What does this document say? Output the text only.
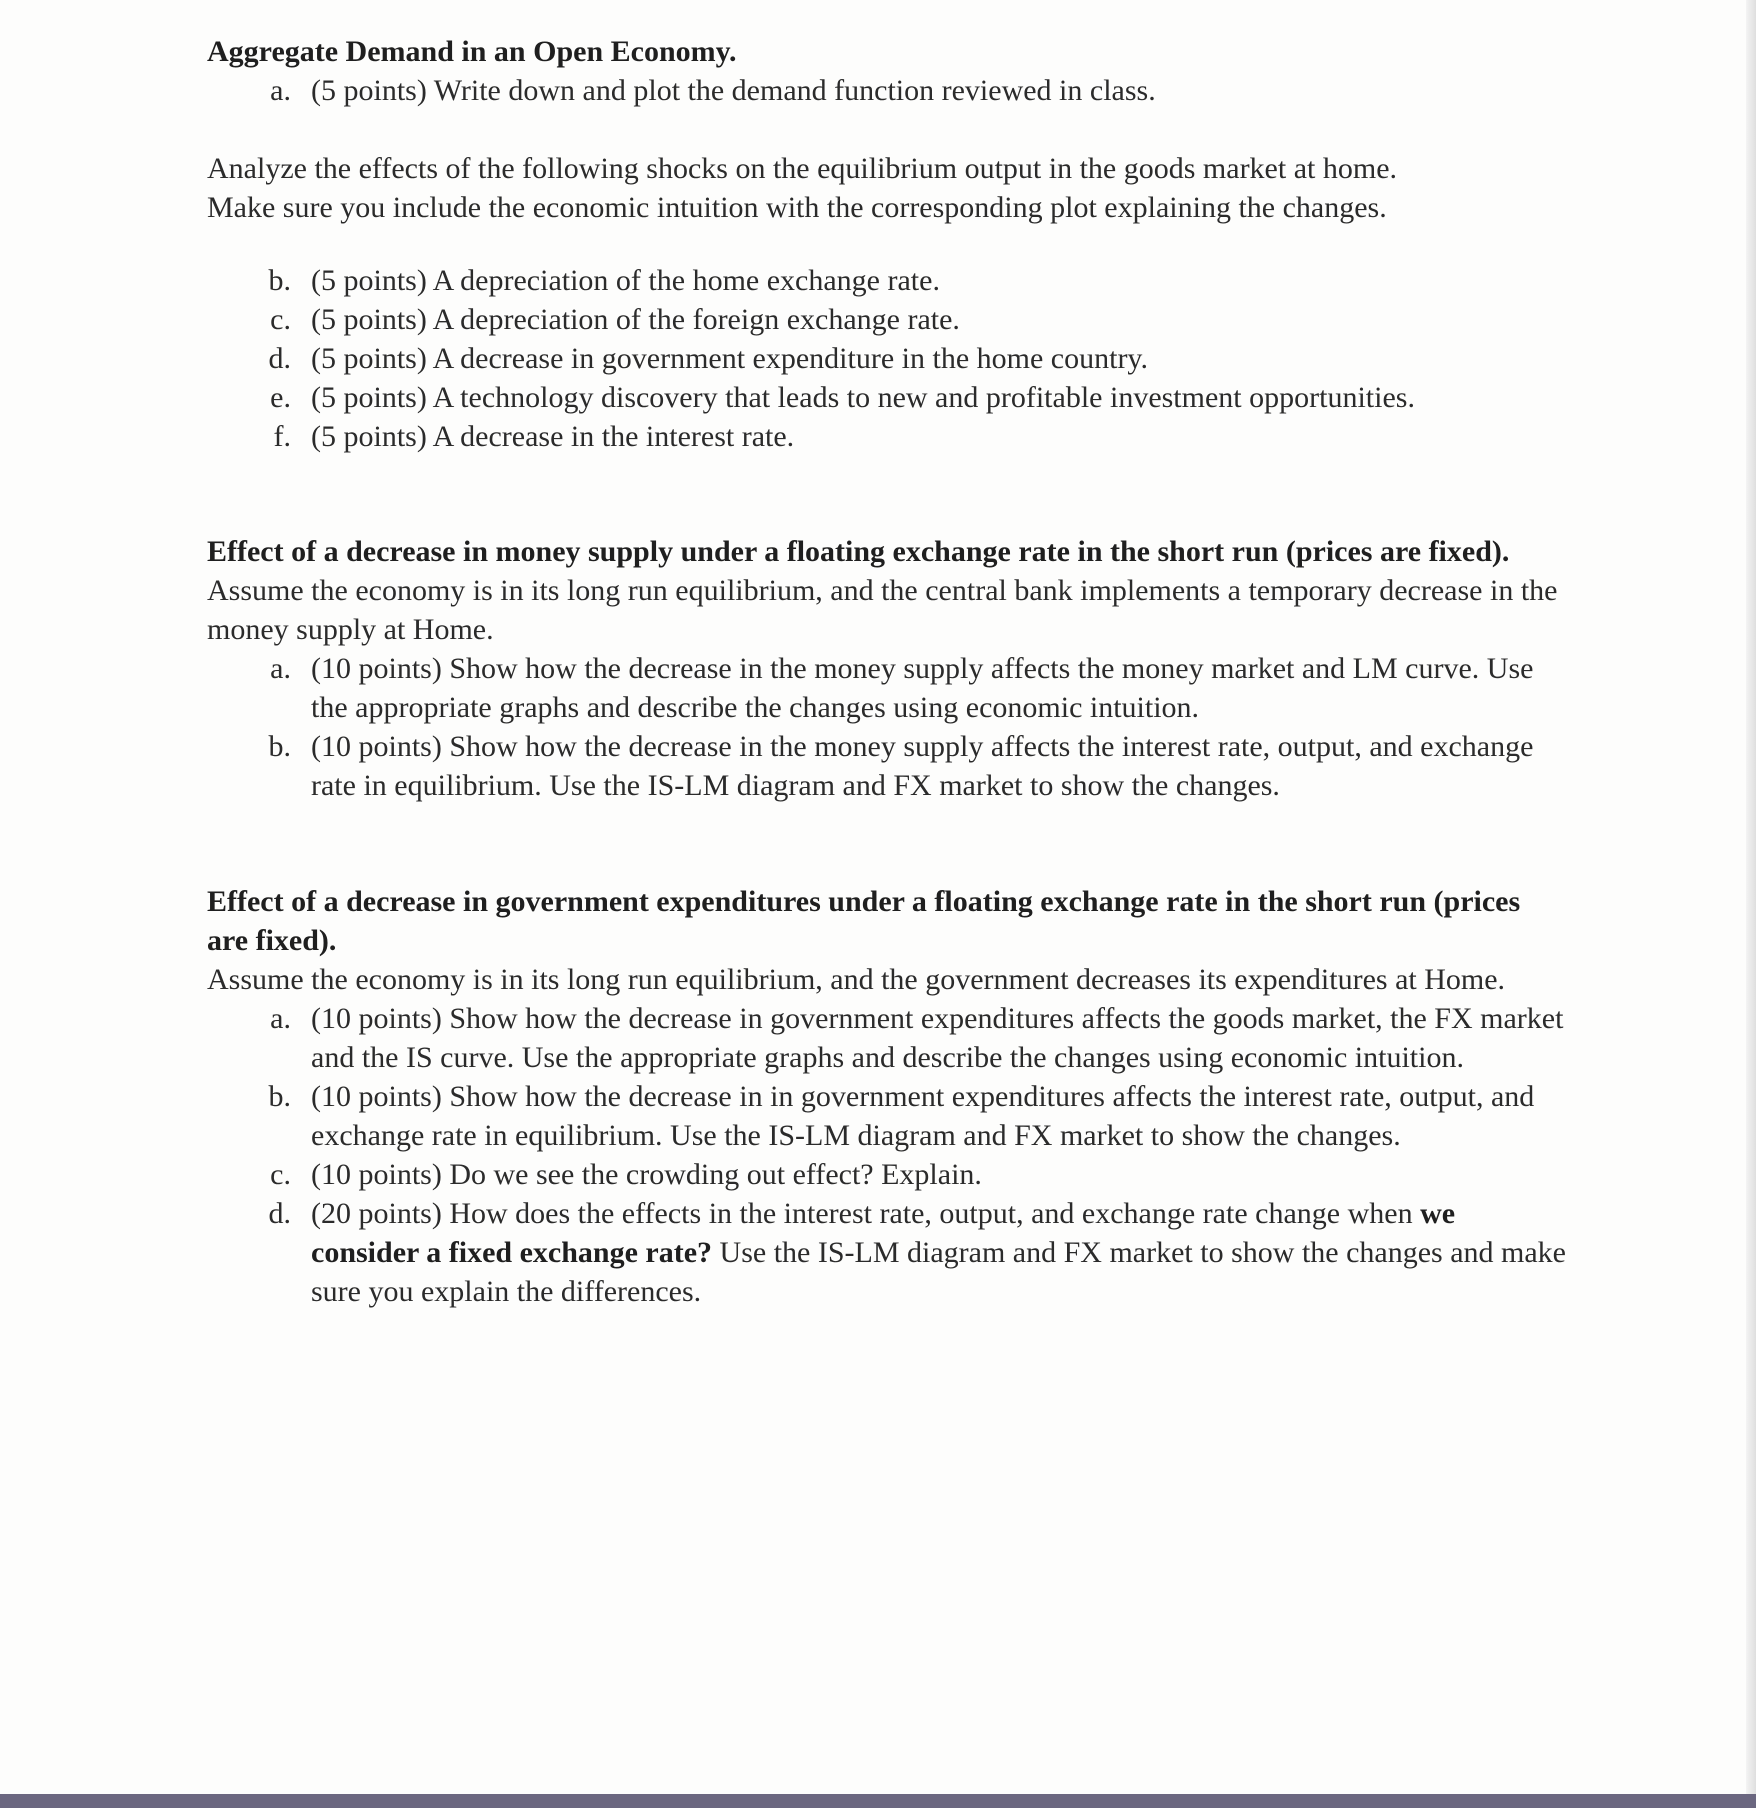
Aggregate Demand in an Open Economy.

a. (5 points) Write down and plot the demand function reviewed in class.

Analyze the effects of the following shocks on the equilibrium output in the goods market at home.

Make sure you include the economic intuition with the corresponding plot explaining the changes.

b. (5 points) A depreciation of the home exchange rate.
c. (5 points) A depreciation of the foreign exchange rate.
d. (5 points) A decrease in government expenditure in the home country.
e. (5 points) A technology discovery that leads to new and profitable investment opportunities.
f. (5 points) A decrease in the interest rate.

Effect of a decrease in money supply under a floating exchange rate in the short run (prices are fixed).

Assume the economy is in its long run equilibrium, and the central bank implements a temporary decrease in the money supply at Home.

a. (10 points) Show how the decrease in the money supply affects the money market and LM curve. Use the appropriate graphs and describe the changes using economic intuition.
b. (10 points) Show how the decrease in the money supply affects the interest rate, output, and exchange rate in equilibrium. Use the IS-LM diagram and FX market to show the changes.

Effect of a decrease in government expenditures under a floating exchange rate in the short run (prices are fixed).

Assume the economy is in its long run equilibrium, and the government decreases its expenditures at Home.

a. (10 points) Show how the decrease in government expenditures affects the goods market, the FX market and the IS curve. Use the appropriate graphs and describe the changes using economic intuition.
b. (10 points) Show how the decrease in in government expenditures affects the interest rate, output, and exchange rate in equilibrium. Use the IS-LM diagram and FX market to show the changes.
c. (10 points) Do we see the crowding out effect? Explain.
d. (20 points) How does the effects in the interest rate, output, and exchange rate change when we consider a fixed exchange rate? Use the IS-LM diagram and FX market to show the changes and make sure you explain the differences.
